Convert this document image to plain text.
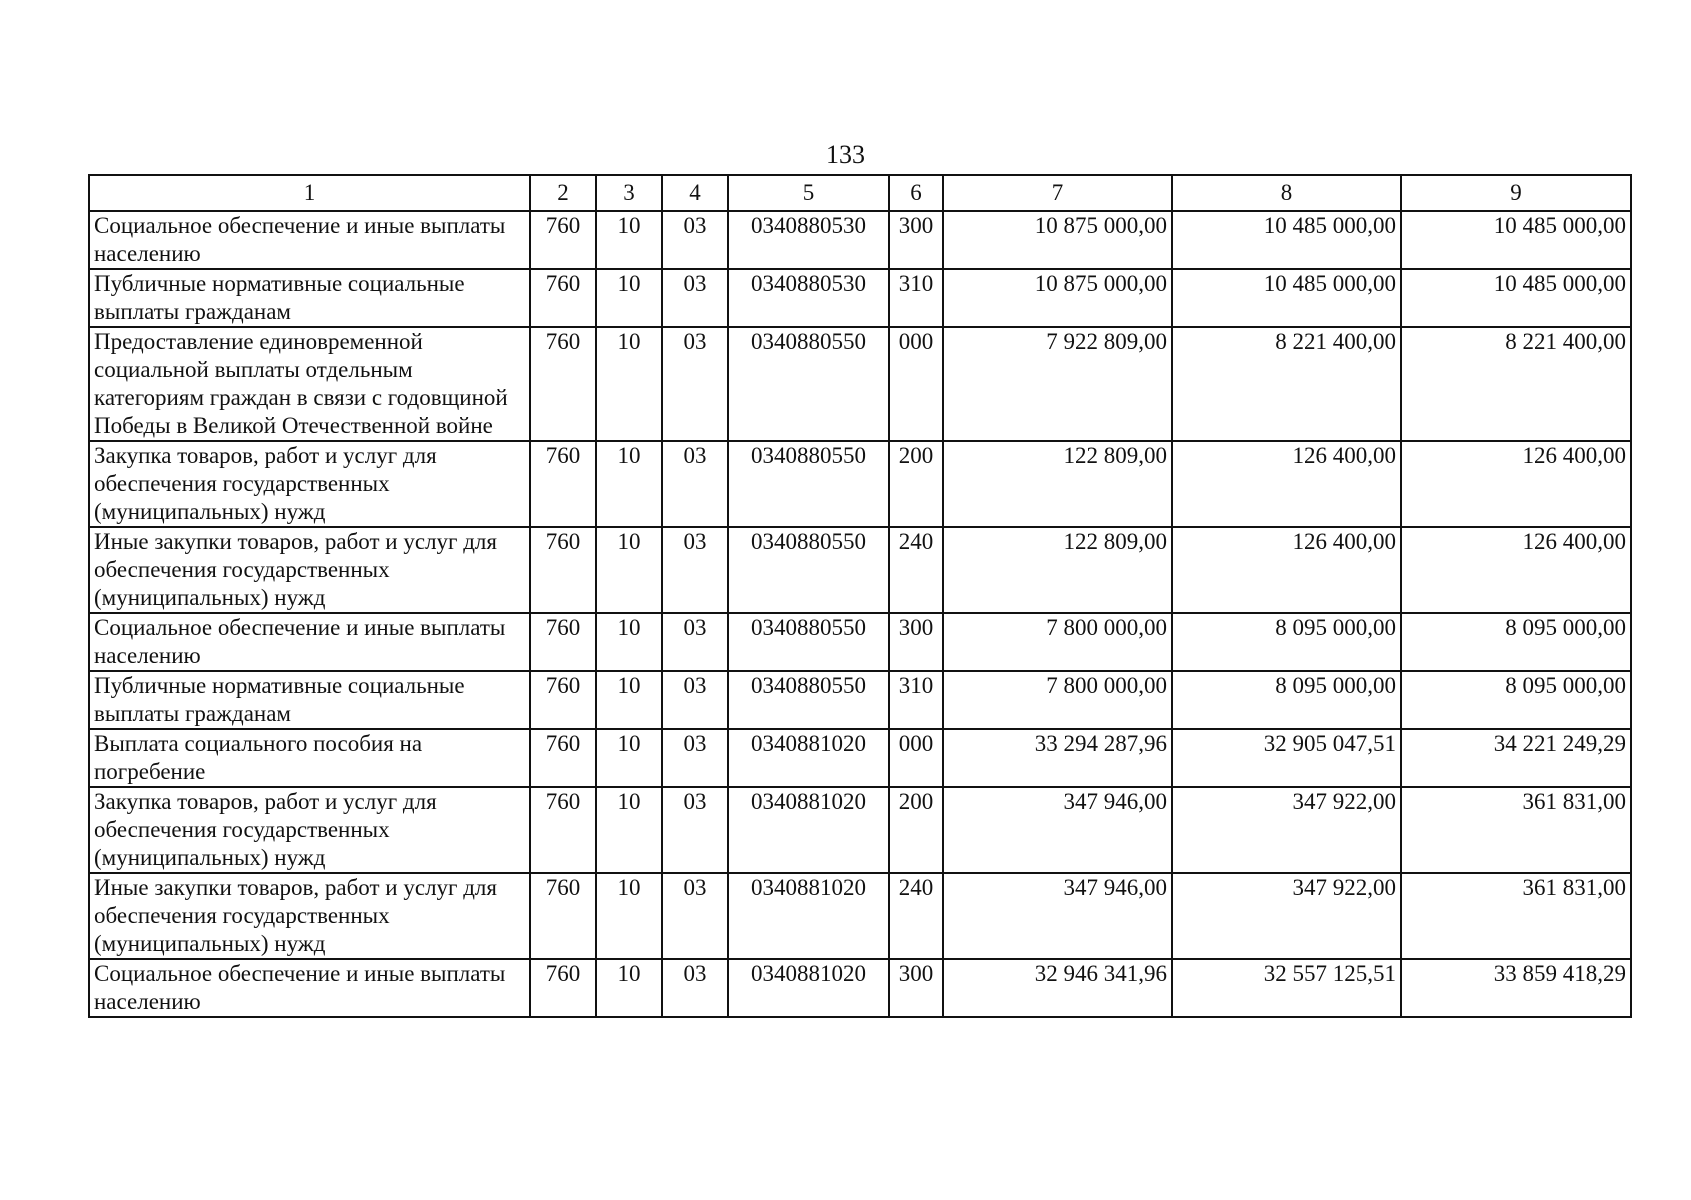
133
1	2	3	4	5	6	7	8	9
Социальное обеспечение и иные выплаты населению	760	10	03	0340880530	300	10 875 000,00	10 485 000,00	10 485 000,00
Публичные нормативные социальные выплаты гражданам	760	10	03	0340880530	310	10 875 000,00	10 485 000,00	10 485 000,00
Предоставление единовременной социальной выплаты отдельным категориям граждан в связи с годовщиной Победы в Великой Отечественной войне	760	10	03	0340880550	000	7 922 809,00	8 221 400,00	8 221 400,00
Закупка товаров, работ и услуг для обеспечения государственных (муниципальных) нужд	760	10	03	0340880550	200	122 809,00	126 400,00	126 400,00
Иные закупки товаров, работ и услуг для обеспечения государственных (муниципальных) нужд	760	10	03	0340880550	240	122 809,00	126 400,00	126 400,00
Социальное обеспечение и иные выплаты населению	760	10	03	0340880550	300	7 800 000,00	8 095 000,00	8 095 000,00
Публичные нормативные социальные выплаты гражданам	760	10	03	0340880550	310	7 800 000,00	8 095 000,00	8 095 000,00
Выплата социального пособия на погребение	760	10	03	0340881020	000	33 294 287,96	32 905 047,51	34 221 249,29
Закупка товаров, работ и услуг для обеспечения государственных (муниципальных) нужд	760	10	03	0340881020	200	347 946,00	347 922,00	361 831,00
Иные закупки товаров, работ и услуг для обеспечения государственных (муниципальных) нужд	760	10	03	0340881020	240	347 946,00	347 922,00	361 831,00
Социальное обеспечение и иные выплаты населению	760	10	03	0340881020	300	32 946 341,96	32 557 125,51	33 859 418,29
